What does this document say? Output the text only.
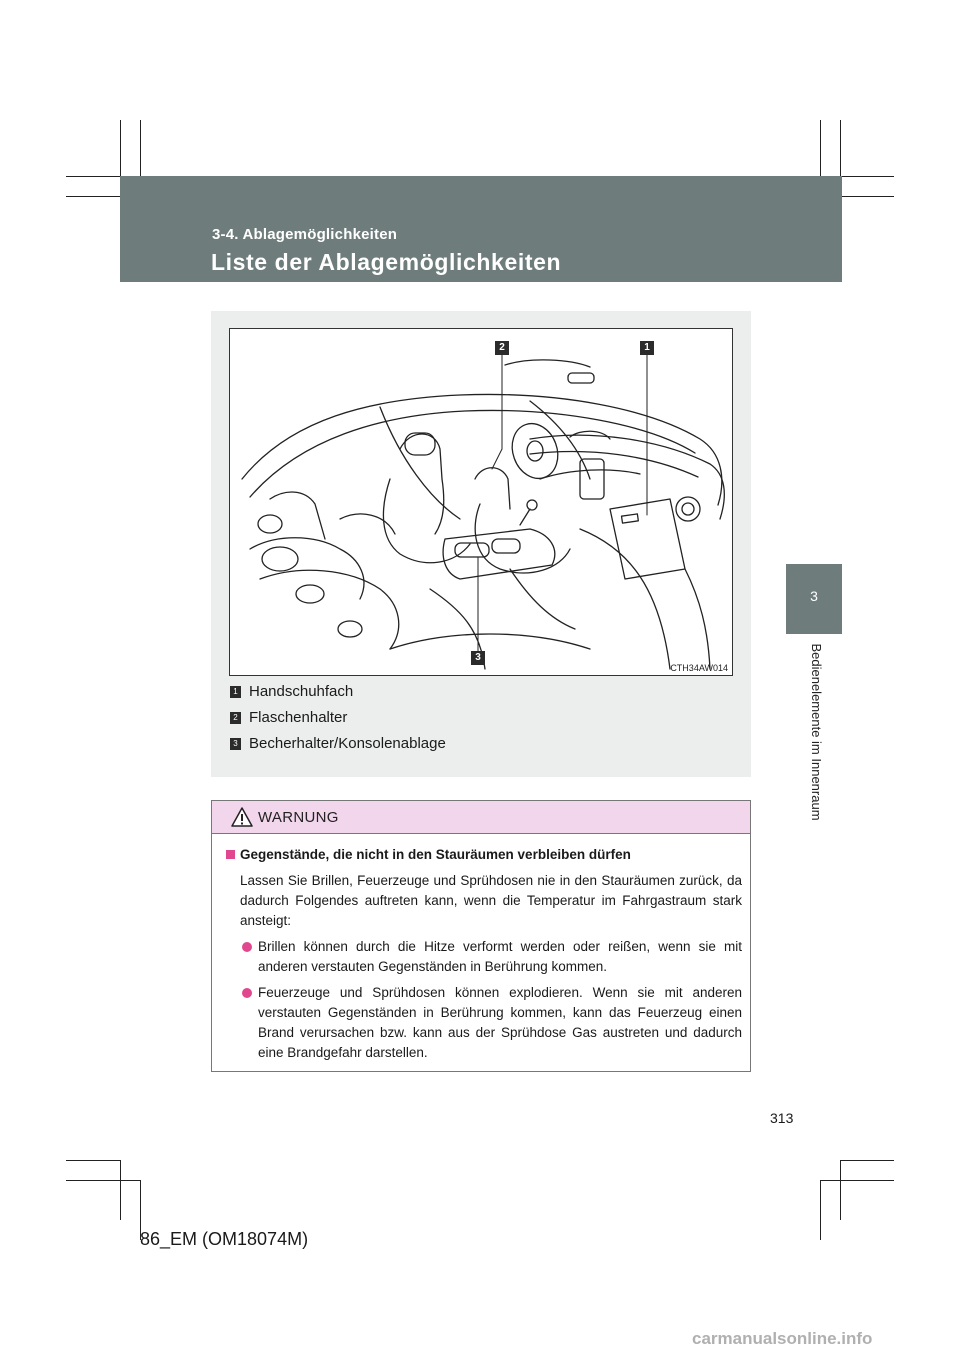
3-4. Ablagemöglichkeiten
Liste der Ablagemöglichkeiten
3
Bedienelemente im Innenraum
1
2
3
CTH34AW014
1 Handschuhfach
2 Flaschenhalter
3 Becherhalter/Konsolenablage
WARNUNG
Gegenstände, die nicht in den Stauräumen verbleiben dürfen

Lassen Sie Brillen, Feuerzeuge und Sprühdosen nie in den Stauräumen zurück, da dadurch Folgendes auftreten kann, wenn die Temperatur im Fahrgastraum stark ansteigt:

Brillen können durch die Hitze verformt werden oder reißen, wenn sie mit anderen verstauten Gegenständen in Berührung kommen.
Feuerzeuge und Sprühdosen können explodieren. Wenn sie mit anderen verstauten Gegenständen in Berührung kommen, kann das Feuerzeug einen Brand verursachen bzw. kann aus der Sprühdose Gas austreten und dadurch eine Brandgefahr darstellen.
313
86_EM (OM18074M)
carmanualsonline.info
